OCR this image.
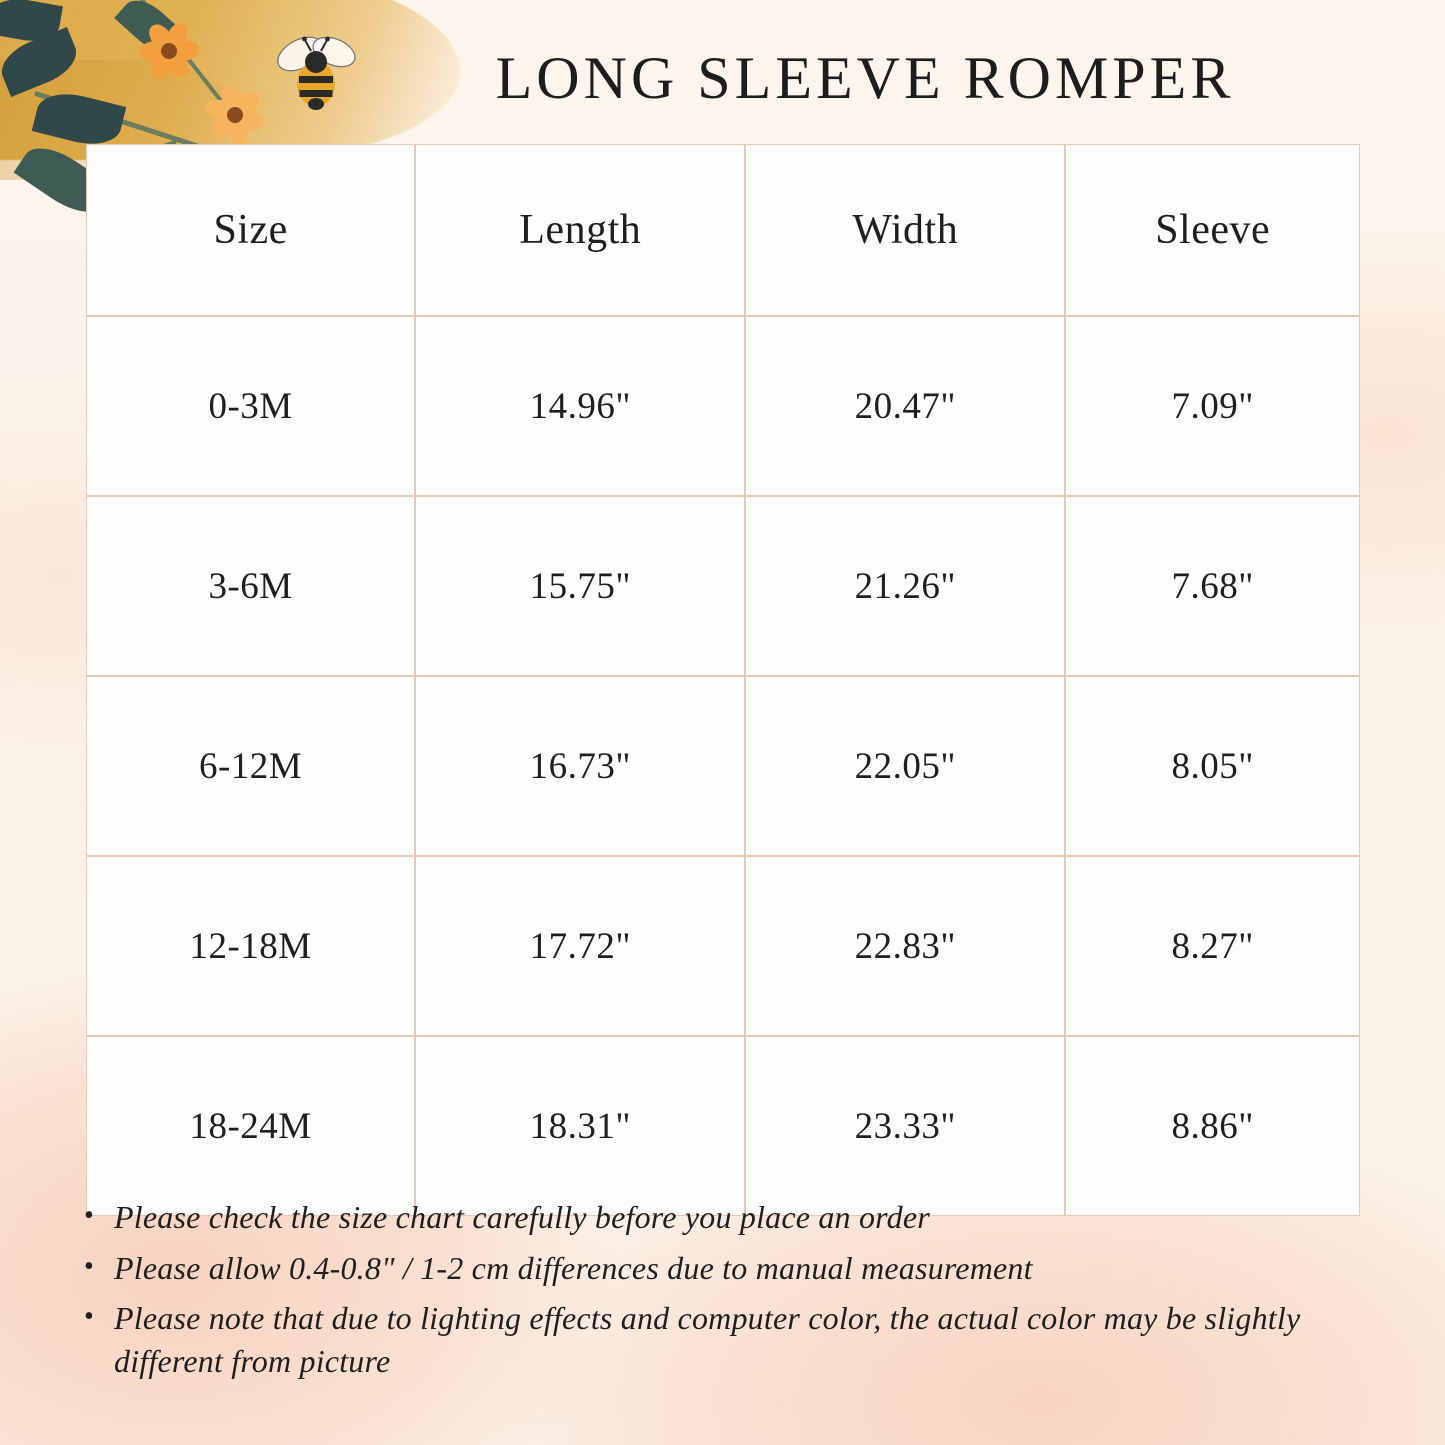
LONG SLEEVE ROMPER
Size	Length	Width	Sleeve
0-3M	14.96"	20.47"	7.09"
3-6M	15.75"	21.26"	7.68"
6-12M	16.73"	22.05"	8.05"
12-18M	17.72"	22.83"	8.27"
18-24M	18.31"	23.33"	8.86"
• Please check the size chart carefully before you place an order
• Please allow 0.4-0.8" / 1-2 cm differences due to manual measurement
• Please note that due to lighting effects and computer color, the actual color may be slightly different from picture
